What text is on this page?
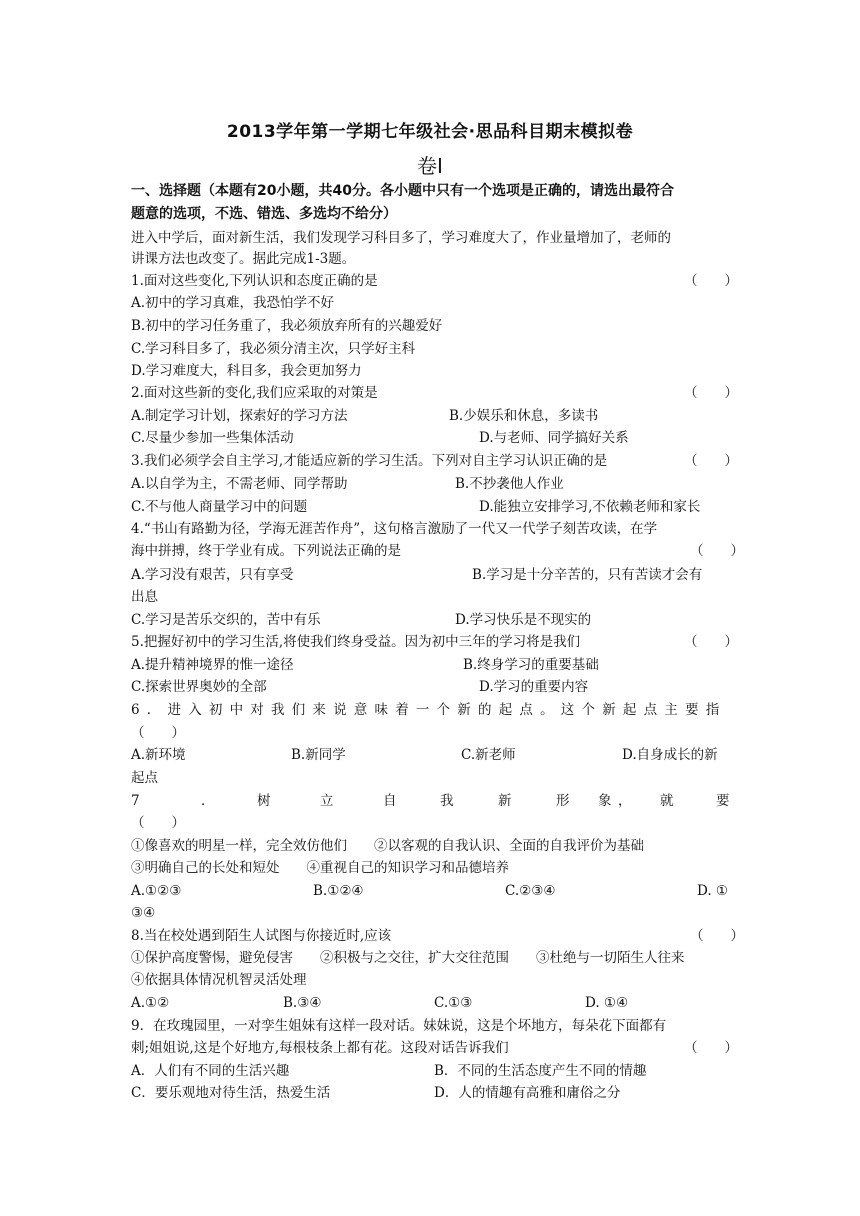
2013学年第一学期七年级社会·思品科目期末模拟卷
卷Ⅰ
一、选择题（本题有20小题，共40分。各小题中只有一个选项是正确的，请选出最符合
题意的选项，不选、错选、多选均不给分）
进入中学后，面对新生活，我们发现学习科目多了，学习难度大了，作业量增加了，老师的
讲课方法也改变了。据此完成1-3题。
1.面对这些变化,下列认识和态度正确的是	（　　）
A.初中的学习真难，我恐怕学不好
B.初中的学习任务重了，我必须放弃所有的兴趣爱好
C.学习科目多了，我必须分清主次，只学好主科
D.学习难度大，科目多，我会更加努力
2.面对这些新的变化,我们应采取的对策是	（　　）
A.制定学习计划，探索好的学习方法	B.少娱乐和休息，多读书
C.尽量少参加一些集体活动	D.与老师、同学搞好关系
3.我们必须学会自主学习,才能适应新的学习生活。下列对自主学习认识正确的是	（　　）
A.以自学为主，不需老师、同学帮助	B.不抄袭他人作业
C.不与他人商量学习中的问题	D.能独立安排学习,不依赖老师和家长
4.“书山有路勤为径，学海无涯苦作舟”，这句格言激励了一代又一代学子刻苦攻读，在学
海中拼搏，终于学业有成。下列说法正确的是	（　　）
A.学习没有艰苦，只有享受	B.学习是十分辛苦的，只有苦读才会有
出息
C.学习是苦乐交织的，苦中有乐	D.学习快乐是不现实的
5.把握好初中的学习生活,将使我们终身受益。因为初中三年的学习将是我们	（　　）
A.提升精神境界的惟一途径	B.终身学习的重要基础
C.探索世界奥妙的全部	D.学习的重要内容
6．进入初中对我们来说意味着一个新的起点。这个新起点主要指
（　　）
A.新环境	B.新同学	C.新老师	D.自身成长的新
起点
7	．	树	立	自	我	新	形 象 ， 就	要
（　　）
①像喜欢的明星一样，完全效仿他们　　②以客观的自我认识、全面的自我评价为基础
③明确自己的长处和短处　　④重视自己的知识学习和品德培养
A.①②③	B.①②④	C.②③④	D. ①
③④
8.当在校处遇到陌生人试图与你接近时,应该	（　　）
①保护高度警惕，避免侵害　　②积极与之交往，扩大交往范围　　③杜绝与一切陌生人往来
④依据具体情况机智灵活处理
A.①②	B.③④	C.①③	D. ①④
9．在玫瑰园里，一对孪生姐妹有这样一段对话。妹妹说，这是个坏地方，每朵花下面都有
刺;姐姐说,这是个好地方,每根枝条上都有花。这段对话告诉我们	（　　）
A．人们有不同的生活兴趣	B．不同的生活态度产生不同的情趣
C．要乐观地对待生活，热爱生活	D．人的情趣有高雅和庸俗之分
